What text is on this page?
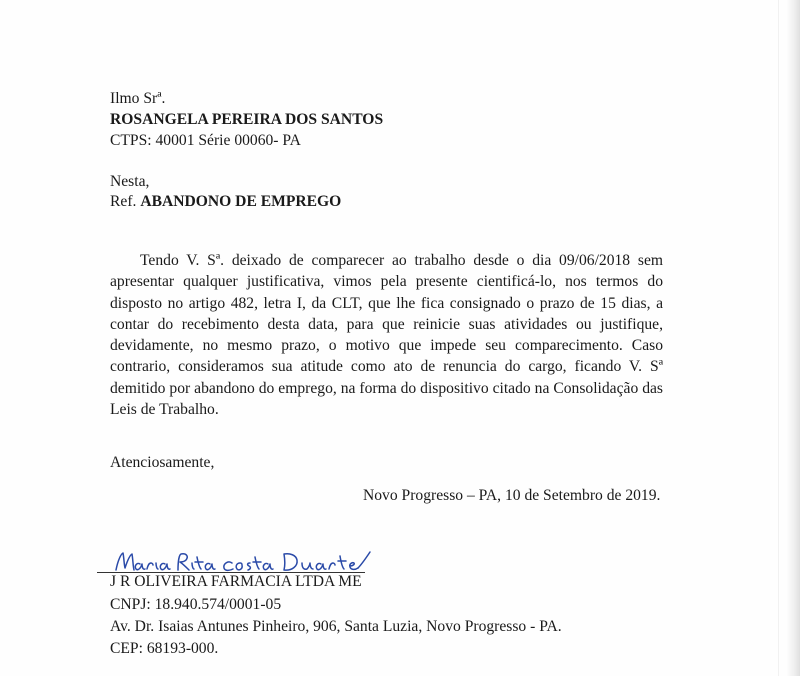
Ilmo Srª.
ROSANGELA PEREIRA DOS SANTOS
CTPS: 40001 Série 00060- PA
Nesta,
Ref. ABANDONO DE EMPREGO

Tendo V. Sª. deixado de comparecer ao trabalho desde o dia 09/06/2018 sem apresentar qualquer justificativa, vimos pela presente cientificá-lo, nos termos do disposto no artigo 482, letra I, da CLT, que lhe fica consignado o prazo de 15 dias, a contar do recebimento desta data, para que reinicie suas atividades ou justifique, devidamente, no mesmo prazo, o motivo que impede seu comparecimento. Caso contrario, consideramos sua atitude como ato de renuncia do cargo, ficando V. Sª demitido por abandono do emprego, na forma do dispositivo citado na Consolidação das Leis de Trabalho.

Atenciosamente,
Novo Progresso – PA, 10 de Setembro de 2019.
J R OLIVEIRA FARMACIA LTDA ME
CNPJ: 18.940.574/0001-05
Av. Dr. Isaias Antunes Pinheiro, 906, Santa Luzia, Novo Progresso - PA.
CEP: 68193-000.
